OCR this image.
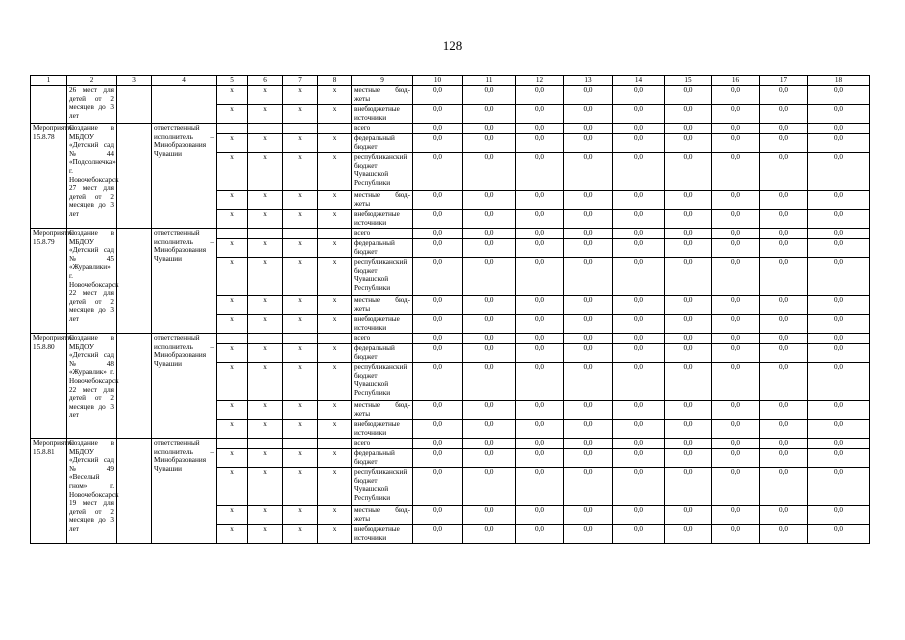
128
1	2	3	4	5	6	7	8	9	10	11	12	13	14	15	16	17	18
	26 мест для детей от 2 месяцев до 3 лет			х	х	х	х	местные бюд-жеты	0,0	0,0	0,0	0,0	0,0	0,0	0,0	0,0	0,0
				х	х	х	х	внебюджетные источники	0,0	0,0	0,0	0,0	0,0	0,0	0,0	0,0	0,0
Мероприятие 15.8.78	Создание в МБДОУ «Детский сад № 44 «Подсолнечка» г. Новочебоксарск 27 мест для детей от 2 месяцев до 3 лет		ответственный исполнитель – Минобразования Чувашии					всего	0,0	0,0	0,0	0,0	0,0	0,0	0,0	0,0	0,0
				х	х	х	х	федеральный бюджет	0,0	0,0	0,0	0,0	0,0	0,0	0,0	0,0	0,0
				х	х	х	х	республиканский бюджет Чувашской Республики	0,0	0,0	0,0	0,0	0,0	0,0	0,0	0,0	0,0
				х	х	х	х	местные бюд-жеты	0,0	0,0	0,0	0,0	0,0	0,0	0,0	0,0	0,0
				х	х	х	х	внебюджетные источники	0,0	0,0	0,0	0,0	0,0	0,0	0,0	0,0	0,0
Мероприятие 15.8.79	Создание в МБДОУ «Детский сад № 45 «Журавлики» г. Новочебоксарск 22 мест для детей от 2 месяцев до 3 лет		ответственный исполнитель – Минобразования Чувашии					всего	0,0	0,0	0,0	0,0	0,0	0,0	0,0	0,0	0,0
				х	х	х	х	федеральный бюджет	0,0	0,0	0,0	0,0	0,0	0,0	0,0	0,0	0,0
				х	х	х	х	республиканский бюджет Чувашской Республики	0,0	0,0	0,0	0,0	0,0	0,0	0,0	0,0	0,0
				х	х	х	х	местные бюд-жеты	0,0	0,0	0,0	0,0	0,0	0,0	0,0	0,0	0,0
				х	х	х	х	внебюджетные источники	0,0	0,0	0,0	0,0	0,0	0,0	0,0	0,0	0,0
Мероприятие 15.8.80	Создание в МБДОУ «Детский сад № 48 «Журавлик» г. Новочебоксарск 22 мест для детей от 2 месяцев до 3 лет		ответственный исполнитель – Минобразования Чувашии					всего	0,0	0,0	0,0	0,0	0,0	0,0	0,0	0,0	0,0
				х	х	х	х	федеральный бюджет	0,0	0,0	0,0	0,0	0,0	0,0	0,0	0,0	0,0
				х	х	х	х	республиканский бюджет Чувашской Республики	0,0	0,0	0,0	0,0	0,0	0,0	0,0	0,0	0,0
				х	х	х	х	местные бюд-жеты	0,0	0,0	0,0	0,0	0,0	0,0	0,0	0,0	0,0
				х	х	х	х	внебюджетные источники	0,0	0,0	0,0	0,0	0,0	0,0	0,0	0,0	0,0
Мероприятие 15.8.81	Создание в МБДОУ «Детский сад № 49 «Веселый гном» г. Новочебоксарск 19 мест для детей от 2 месяцев до 3 лет		ответственный исполнитель – Минобразования Чувашии					всего	0,0	0,0	0,0	0,0	0,0	0,0	0,0	0,0	0,0
				х	х	х	х	федеральный бюджет	0,0	0,0	0,0	0,0	0,0	0,0	0,0	0,0	0,0
				х	х	х	х	республиканский бюджет Чувашской Республики	0,0	0,0	0,0	0,0	0,0	0,0	0,0	0,0	0,0
				х	х	х	х	местные бюд-жеты	0,0	0,0	0,0	0,0	0,0	0,0	0,0	0,0	0,0
				х	х	х	х	внебюджетные источники	0,0	0,0	0,0	0,0	0,0	0,0	0,0	0,0	0,0
